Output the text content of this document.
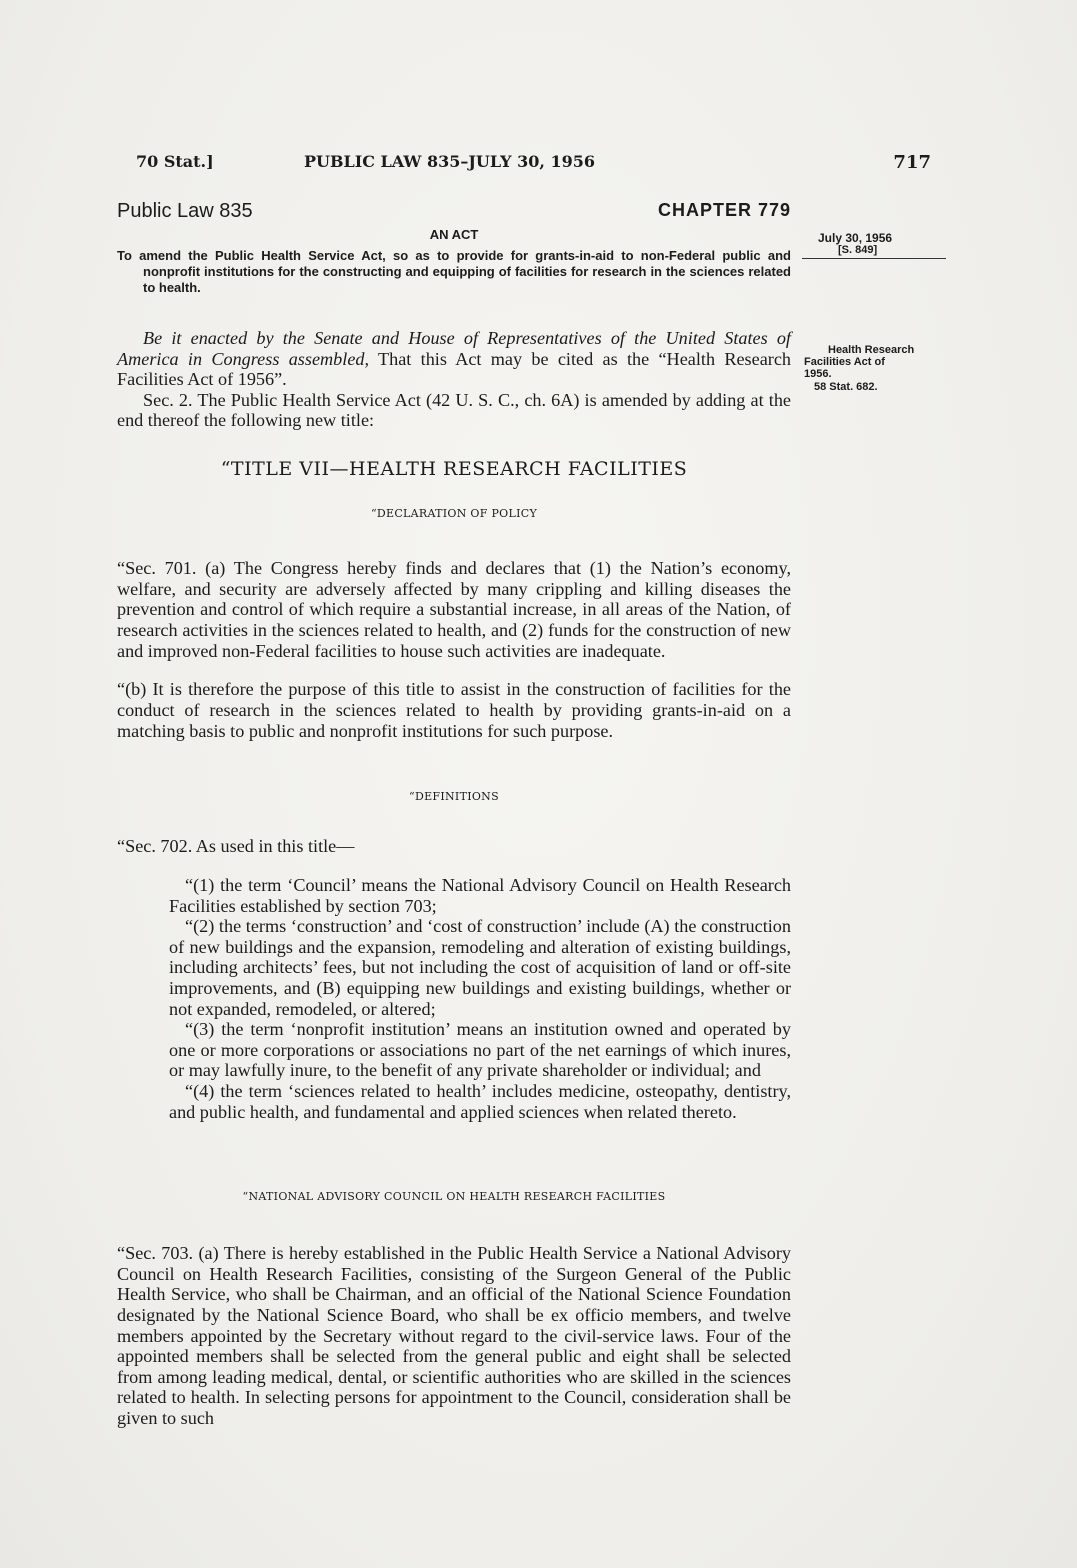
70 Stat.]	PUBLIC LAW 835–JULY 30, 1956	717
Public Law 835	CHAPTER 779
AN ACT

To amend the Public Health Service Act, so as to provide for grants-in-aid to non-Federal public and nonprofit institutions for the constructing and equipping of facilities for research in the sciences related to health.

July 30, 1956
[S. 849]
Health Research
Facilities Act of
1956.
58 Stat. 682.

Be it enacted by the Senate and House of Representatives of the United States of America in Congress assembled, That this Act may be cited as the “Health Research Facilities Act of 1956”.

Sec. 2. The Public Health Service Act (42 U. S. C., ch. 6A) is amended by adding at the end thereof the following new title:

“TITLE VII—HEALTH RESEARCH FACILITIES
“DECLARATION OF POLICY

“Sec. 701. (a) The Congress hereby finds and declares that (1) the Nation’s economy, welfare, and security are adversely affected by many crippling and killing diseases the prevention and control of which require a substantial increase, in all areas of the Nation, of research activities in the sciences related to health, and (2) funds for the construction of new and improved non-Federal facilities to house such activities are inadequate.

“(b) It is therefore the purpose of this title to assist in the construction of facilities for the conduct of research in the sciences related to health by providing grants-in-aid on a matching basis to public and nonprofit institutions for such purpose.

“DEFINITIONS

“Sec. 702. As used in this title—

“(1) the term ‘Council’ means the National Advisory Council on Health Research Facilities established by section 703;

“(2) the terms ‘construction’ and ‘cost of construction’ include (A) the construction of new buildings and the expansion, remodeling and alteration of existing buildings, including architects’ fees, but not including the cost of acquisition of land or off-site improvements, and (B) equipping new buildings and existing buildings, whether or not expanded, remodeled, or altered;

“(3) the term ‘nonprofit institution’ means an institution owned and operated by one or more corporations or associations no part of the net earnings of which inures, or may lawfully inure, to the benefit of any private shareholder or individual; and

“(4) the term ‘sciences related to health’ includes medicine, osteopathy, dentistry, and public health, and fundamental and applied sciences when related thereto.

“NATIONAL ADVISORY COUNCIL ON HEALTH RESEARCH FACILITIES

“Sec. 703. (a) There is hereby established in the Public Health Service a National Advisory Council on Health Research Facilities, consisting of the Surgeon General of the Public Health Service, who shall be Chairman, and an official of the National Science Foundation designated by the National Science Board, who shall be ex officio members, and twelve members appointed by the Secretary without regard to the civil-service laws. Four of the appointed members shall be selected from the general public and eight shall be selected from among leading medical, dental, or scientific authorities who are skilled in the sciences related to health. In selecting persons for appointment to the Council, consideration shall be given to such
